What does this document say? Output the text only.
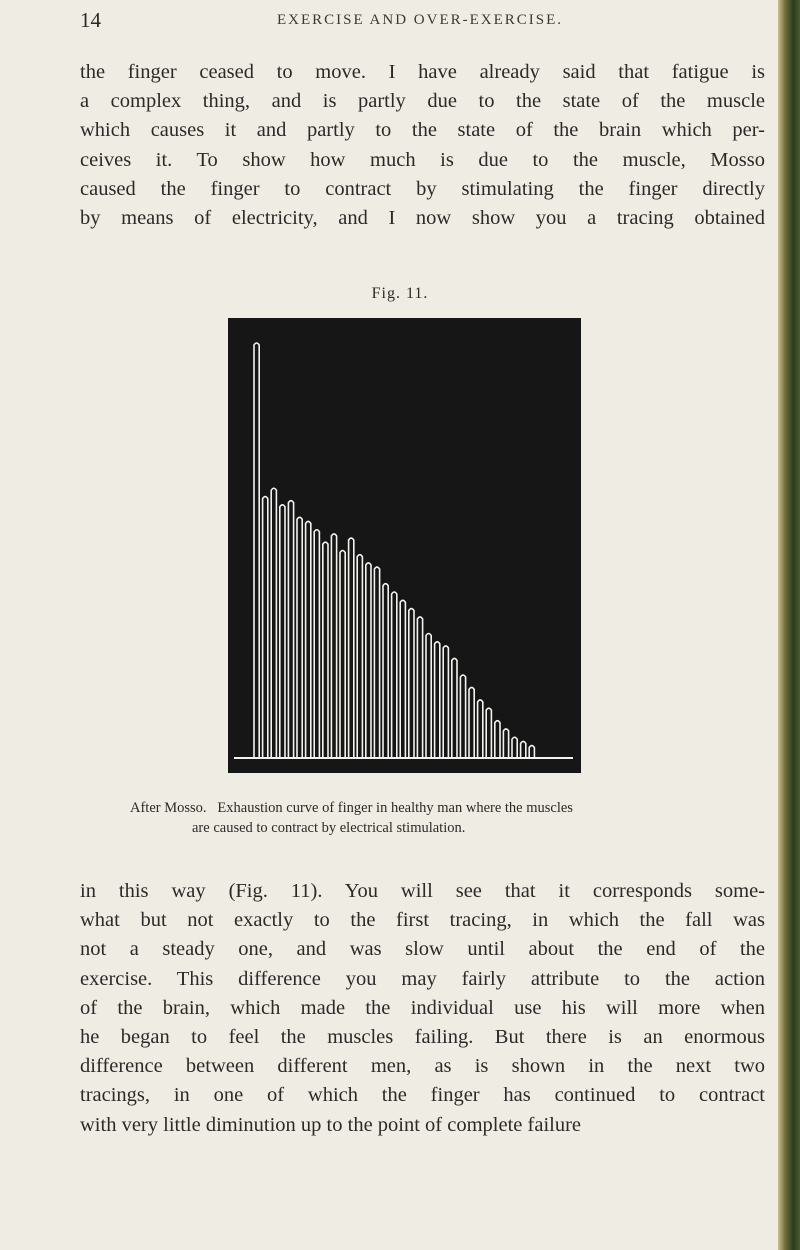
14	EXERCISE AND OVER-EXERCISE.
the finger ceased to move. I have already said that fatigue is
a complex thing, and is partly due to the state of the muscle
which causes it and partly to the state of the brain which per-
ceives it. To show how much is due to the muscle, Mosso
caused the finger to contract by stimulating the finger directly
by means of electricity, and I now show you a tracing obtained
Fig. 11.
After Mosso. Exhaustion curve of finger in healthy man where the muscles
are caused to contract by electrical stimulation.
in this way (Fig. 11). You will see that it corresponds some-
what but not exactly to the first tracing, in which the fall was
not a steady one, and was slow until about the end of the
exercise. This difference you may fairly attribute to the action
of the brain, which made the individual use his will more when
he began to feel the muscles failing. But there is an enormous
difference between different men, as is shown in the next two
tracings, in one of which the finger has continued to contract
with very little diminution up to the point of complete failure
